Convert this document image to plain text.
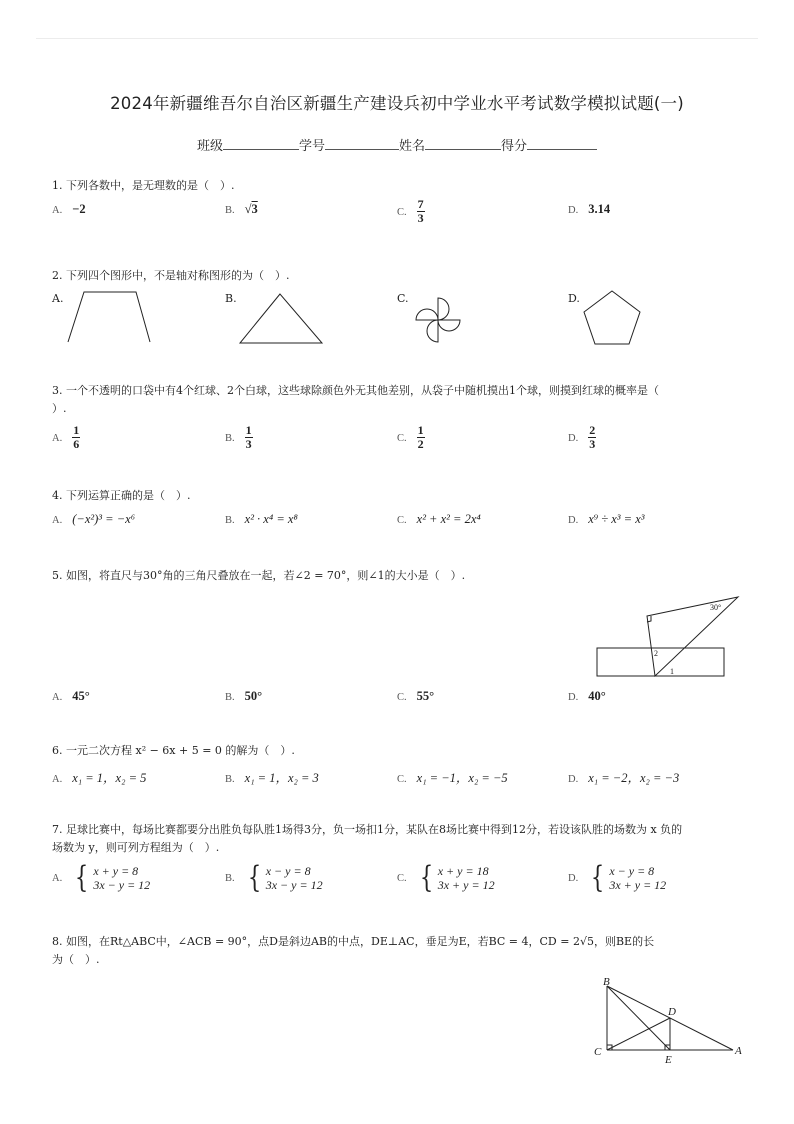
2024年新疆维吾尔自治区新疆生产建设兵初中学业水平考试数学模拟试题(一)
班级	学号	姓名	得分
1. 下列各数中，是无理数的是（　）.
A. −2	B. √3	C. $\frac{7}{3}$	D. 3.14
2. 下列四个图形中，不是轴对称图形的为（　）.
A.	B.	C.	D.
3. 一个不透明的口袋中有4个红球、2个白球，这些球除颜色外无其他差别，从袋子中随机摸出1个球，则摸到红球的概率是（
）.
A. $\frac{1}{6}$	B. $\frac{1}{3}$	C. $\frac{1}{2}$	D. $\frac{2}{3}$
4. 下列运算正确的是（　）.
A. (−x²)³ = −x⁶	B. x² · x⁴ = x⁸	C. x² + x² = 2x⁴	D. x⁹ ÷ x³ = x³
5. 如图，将直尺与30°角的三角尺叠放在一起，若∠2 = 70°，则∠1的大小是（　）.
30°
2
1
A. 45°	B. 50°	C. 55°	D. 40°
6. 一元二次方程 x² − 6x + 5 = 0 的解为（　）.
A. x₁ = 1，x₂ = 5	B. x₁ = 1，x₂ = 3	C. x₁ = −1，x₂ = −5	D. x₁ = −2，x₂ = −3
7. 足球比赛中，每场比赛都要分出胜负每队胜1场得3分，负一场扣1分，某队在8场比赛中得到12分，若设该队胜的场数为 x 负的
场数为 y，则可列方程组为（　）.
A. { x + y = 8
3x − y = 12	B. { x − y = 8
3x − y = 12	C. { x + y = 18
3x + y = 12	D. { x − y = 8
3x + y = 12
8. 如图，在Rt△ABC中，∠ACB = 90°，点D是斜边AB的中点，DE⊥AC，垂足为E，若BC = 4，CD = 2√5，则BE的长
为（　）.
B
C
D
E
A
